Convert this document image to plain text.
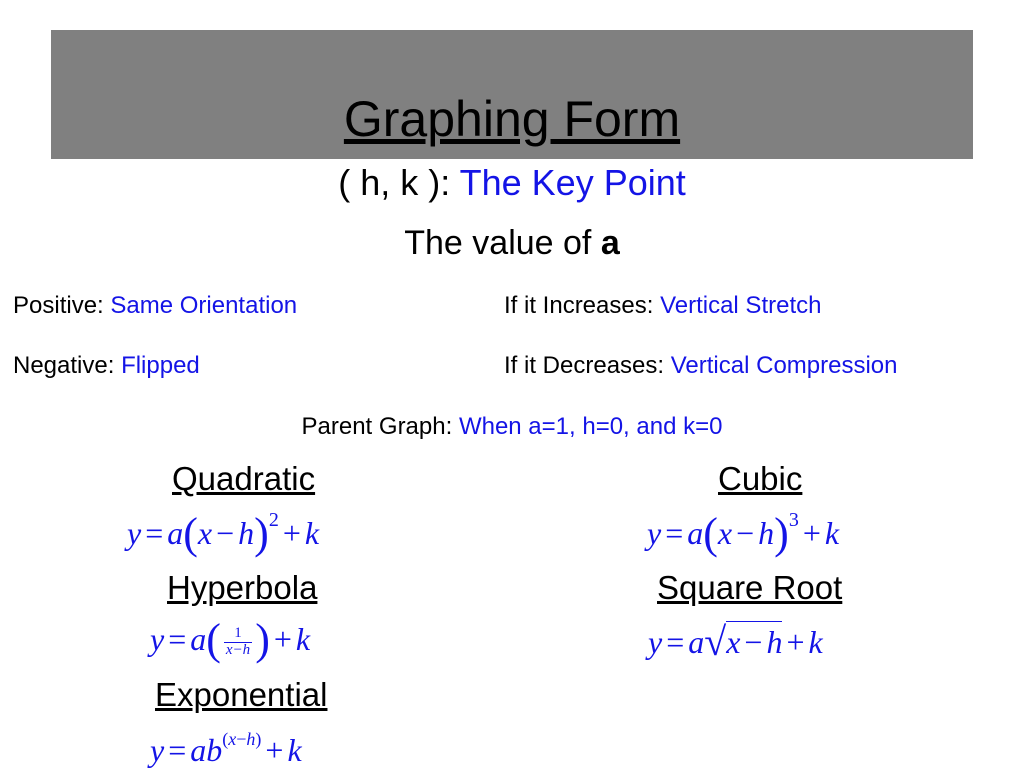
Graphing Form
( h, k ): The Key Point
The value of a
Positive: Same Orientation
Negative: Flipped
If it Increases: Vertical Stretch
If it Decreases: Vertical Compression
Parent Graph: When a=1, h=0, and k=0
Quadratic	Cubic
$y = a(x - h)^2 + k$	$y = a(x - h)^3 + k$
Hyperbola	Square Root
$y = a( \frac{1}{x-h}$ ) + k	y = a√x − h + k
Exponential
$y = ab^{(x-h)} + k$
